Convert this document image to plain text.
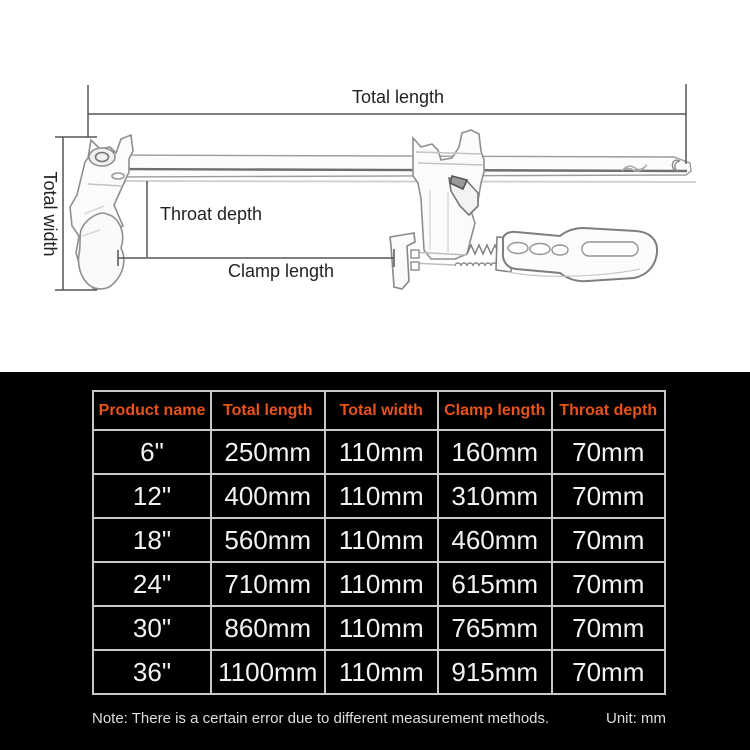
Total length
Total width	Throat depth
Clamp length
Product name	Total length	Total width	Clamp length	Throat depth
6"	250mm	110mm	160mm	70mm
12"	400mm	110mm	310mm	70mm
18"	560mm	110mm	460mm	70mm
24"	710mm	110mm	615mm	70mm
30"	860mm	110mm	765mm	70mm
36"	1100mm	110mm	915mm	70mm
Note: There is a certain error due to different measurement methods.	Unit: mm
